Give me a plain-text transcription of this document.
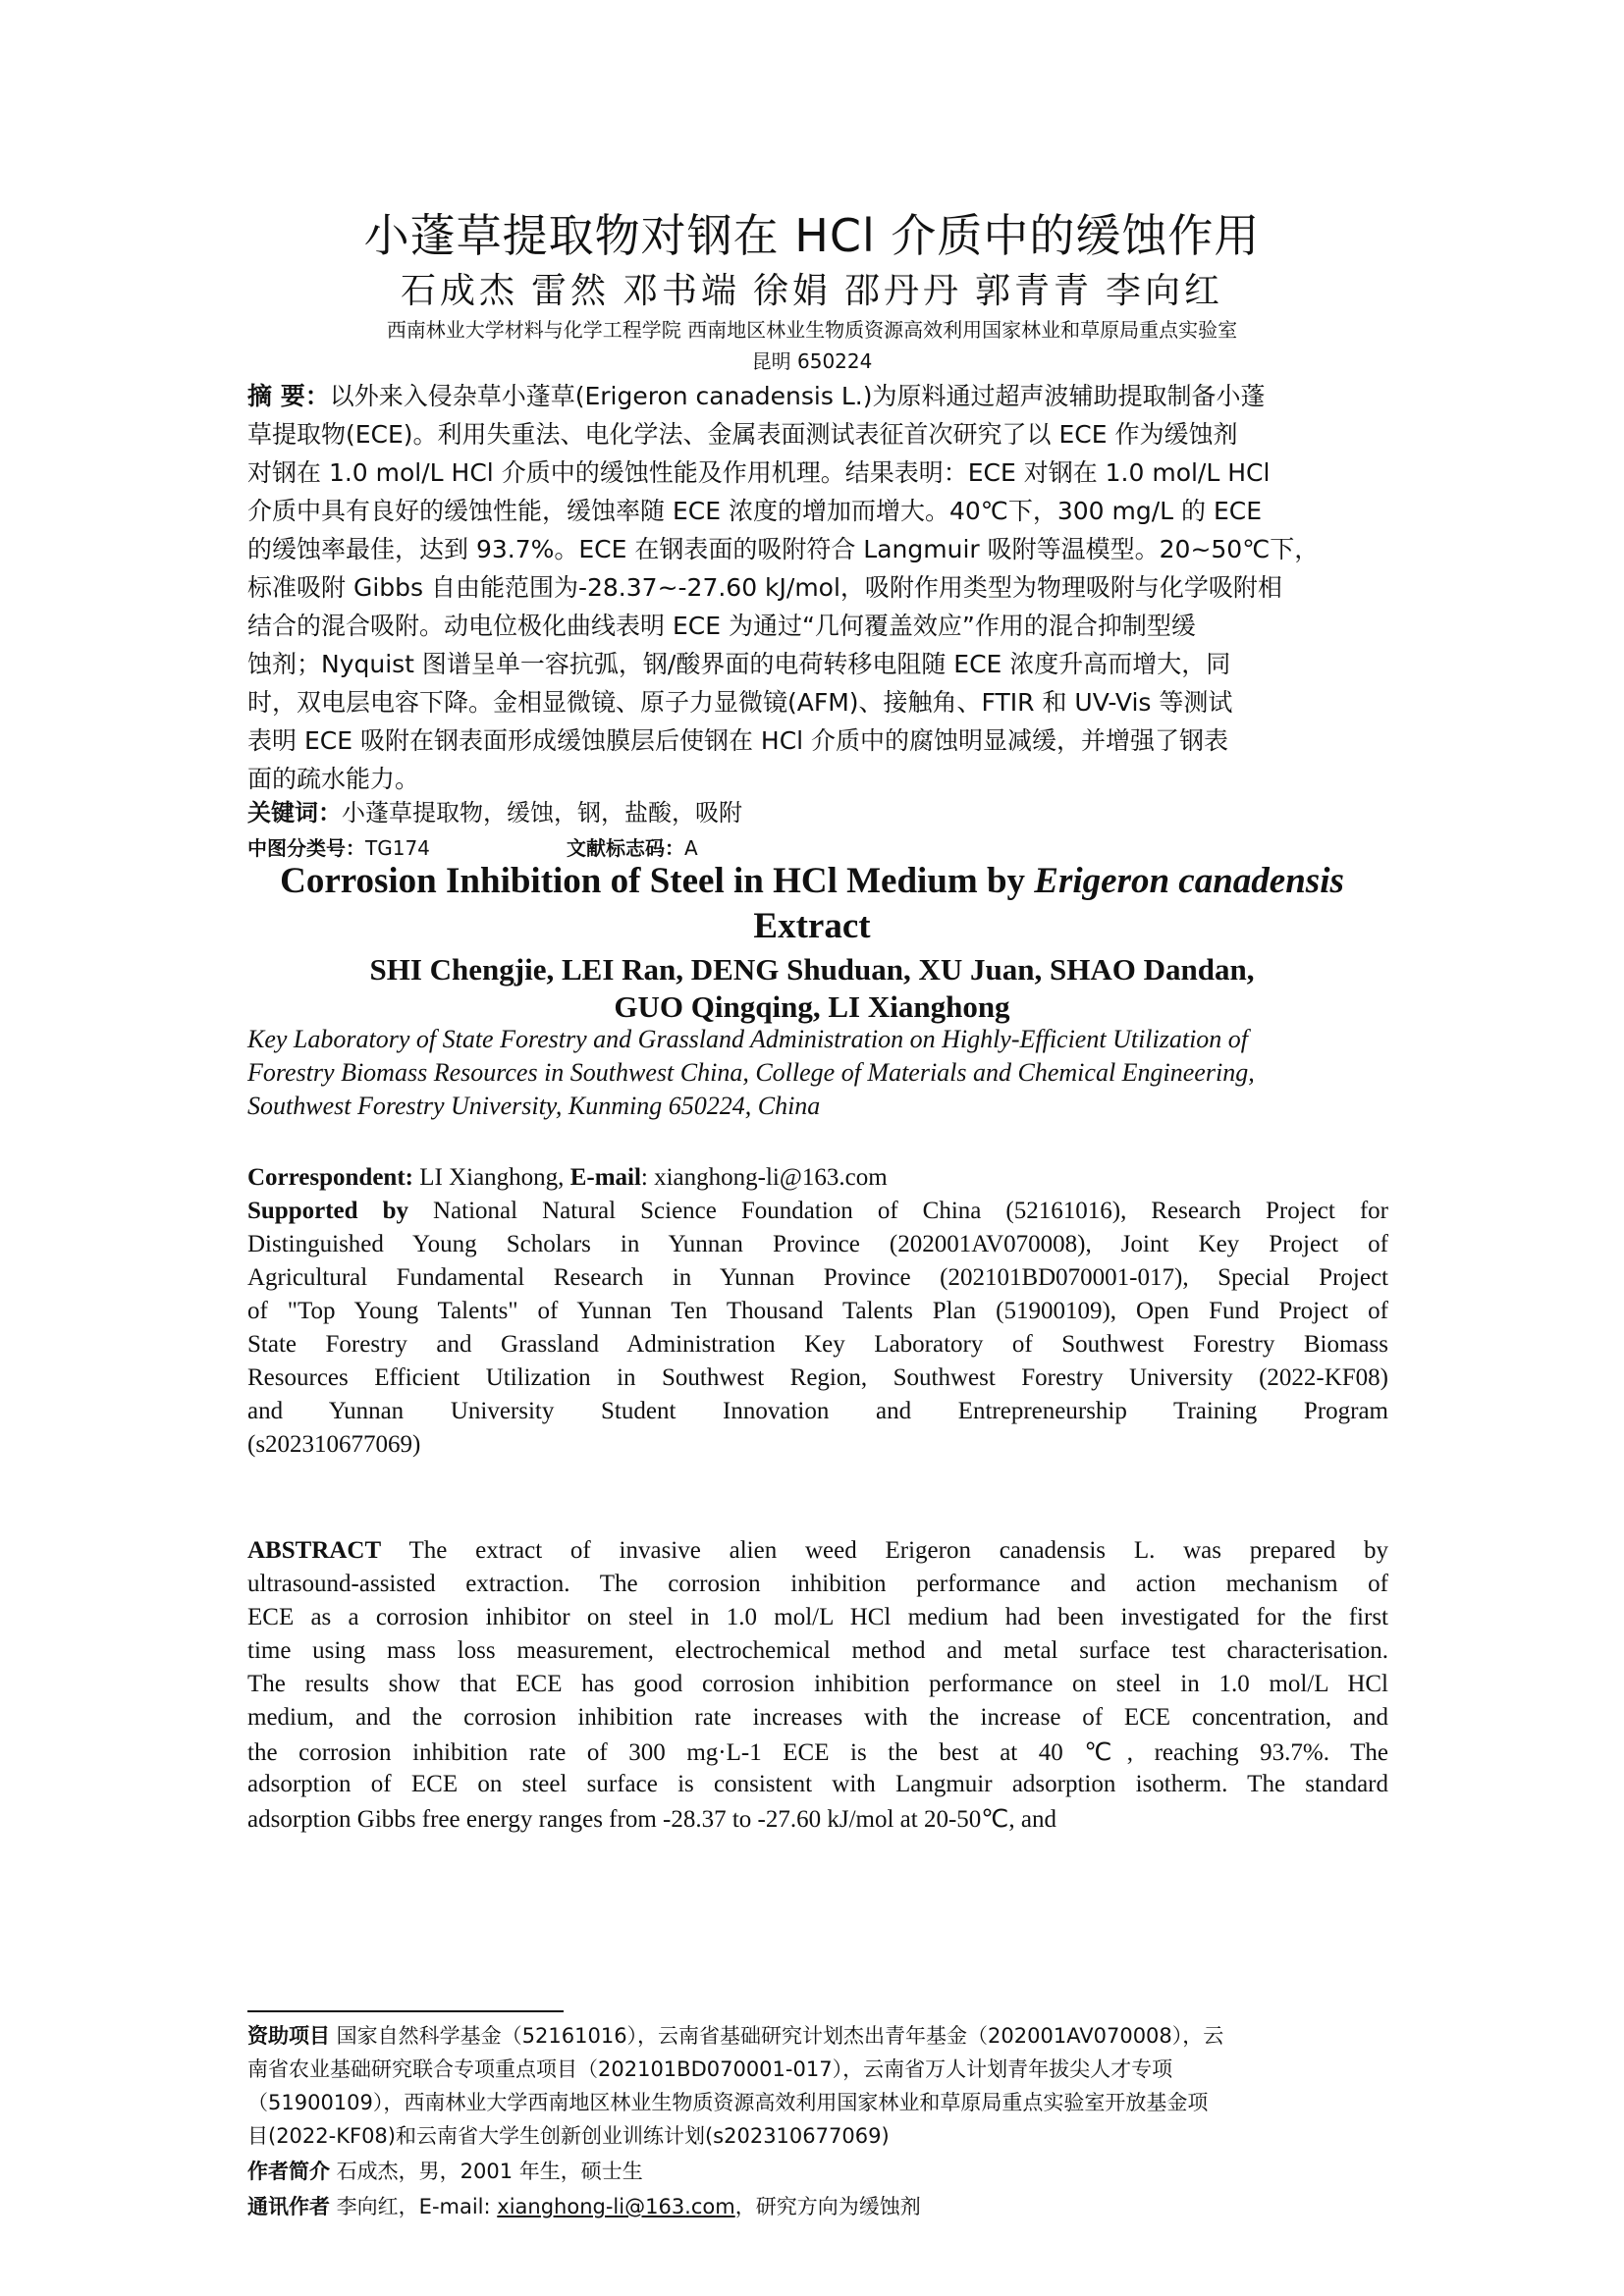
小蓬草提取物对钢在 HCl 介质中的缓蚀作用
石成杰 雷然 邓书端 徐娟 邵丹丹 郭青青 李向红
西南林业大学材料与化学工程学院 西南地区林业生物质资源高效利用国家林业和草原局重点实验室
昆明 650224
摘 要：以外来入侵杂草小蓬草(Erigeron canadensis L.)为原料通过超声波辅助提取制备小蓬
草提取物(ECE)。利用失重法、电化学法、金属表面测试表征首次研究了以 ECE 作为缓蚀剂
对钢在 1.0 mol/L HCl 介质中的缓蚀性能及作用机理。结果表明：ECE 对钢在 1.0 mol/L HCl
介质中具有良好的缓蚀性能，缓蚀率随 ECE 浓度的增加而增大。40℃下，300 mg/L 的 ECE
的缓蚀率最佳，达到 93.7%。ECE 在钢表面的吸附符合 Langmuir 吸附等温模型。20~50℃下，
标准吸附 Gibbs 自由能范围为-28.37~-27.60 kJ/mol，吸附作用类型为物理吸附与化学吸附相
结合的混合吸附。动电位极化曲线表明 ECE 为通过“几何覆盖效应”作用的混合抑制型缓
蚀剂；Nyquist 图谱呈单一容抗弧，钢/酸界面的电荷转移电阻随 ECE 浓度升高而增大，同
时，双电层电容下降。金相显微镜、原子力显微镜(AFM)、接触角、FTIR 和 UV-Vis 等测试
表明 ECE 吸附在钢表面形成缓蚀膜层后使钢在 HCl 介质中的腐蚀明显减缓，并增强了钢表
面的疏水能力。
关键词：小蓬草提取物，缓蚀，钢，盐酸，吸附
中图分类号：TG174	文献标志码：A
Corrosion Inhibition of Steel in HCl Medium by Erigeron canadensis
Extract
SHI Chengjie, LEI Ran, DENG Shuduan, XU Juan, SHAO Dandan,
GUO Qingqing, LI Xianghong
Key Laboratory of State Forestry and Grassland Administration on Highly-Efficient Utilization of
Forestry Biomass Resources in Southwest China, College of Materials and Chemical Engineering,
Southwest Forestry University, Kunming 650224, China
Correspondent: LI Xianghong, E-mail: xianghong-li@163.com
Supported by National Natural Science Foundation of China (52161016), Research Project for
Distinguished Young Scholars in Yunnan Province (202001AV070008), Joint Key Project of
Agricultural Fundamental Research in Yunnan Province (202101BD070001-017), Special Project
of "Top Young Talents" of Yunnan Ten Thousand Talents Plan (51900109), Open Fund Project of
State Forestry and Grassland Administration Key Laboratory of Southwest Forestry Biomass
Resources Efficient Utilization in Southwest Region, Southwest Forestry University (2022-KF08)
and Yunnan University Student Innovation and Entrepreneurship Training Program
(s202310677069)
ABSTRACT The extract of invasive alien weed Erigeron canadensis L. was prepared by
ultrasound-assisted extraction. The corrosion inhibition performance and action mechanism of
ECE as a corrosion inhibitor on steel in 1.0 mol/L HCl medium had been investigated for the first
time using mass loss measurement, electrochemical method and metal surface test characterisation.
The results show that ECE has good corrosion inhibition performance on steel in 1.0 mol/L HCl
medium, and the corrosion inhibition rate increases with the increase of ECE concentration, and
the corrosion inhibition rate of 300 mg·L-1 ECE is the best at 40 ℃, reaching 93.7%. The
adsorption of ECE on steel surface is consistent with Langmuir adsorption isotherm. The standard
adsorption Gibbs free energy ranges from -28.37 to -27.60 kJ/mol at 20-50℃, and
资助项目 国家自然科学基金（52161016），云南省基础研究计划杰出青年基金（202001AV070008），云
南省农业基础研究联合专项重点项目（202101BD070001-017），云南省万人计划青年拔尖人才专项
（51900109），西南林业大学西南地区林业生物质资源高效利用国家林业和草原局重点实验室开放基金项
目(2022-KF08)和云南省大学生创新创业训练计划(s202310677069)
作者简介 石成杰，男，2001 年生，硕士生
通讯作者 李向红，E-mail: xianghong-li@163.com，研究方向为缓蚀剂
